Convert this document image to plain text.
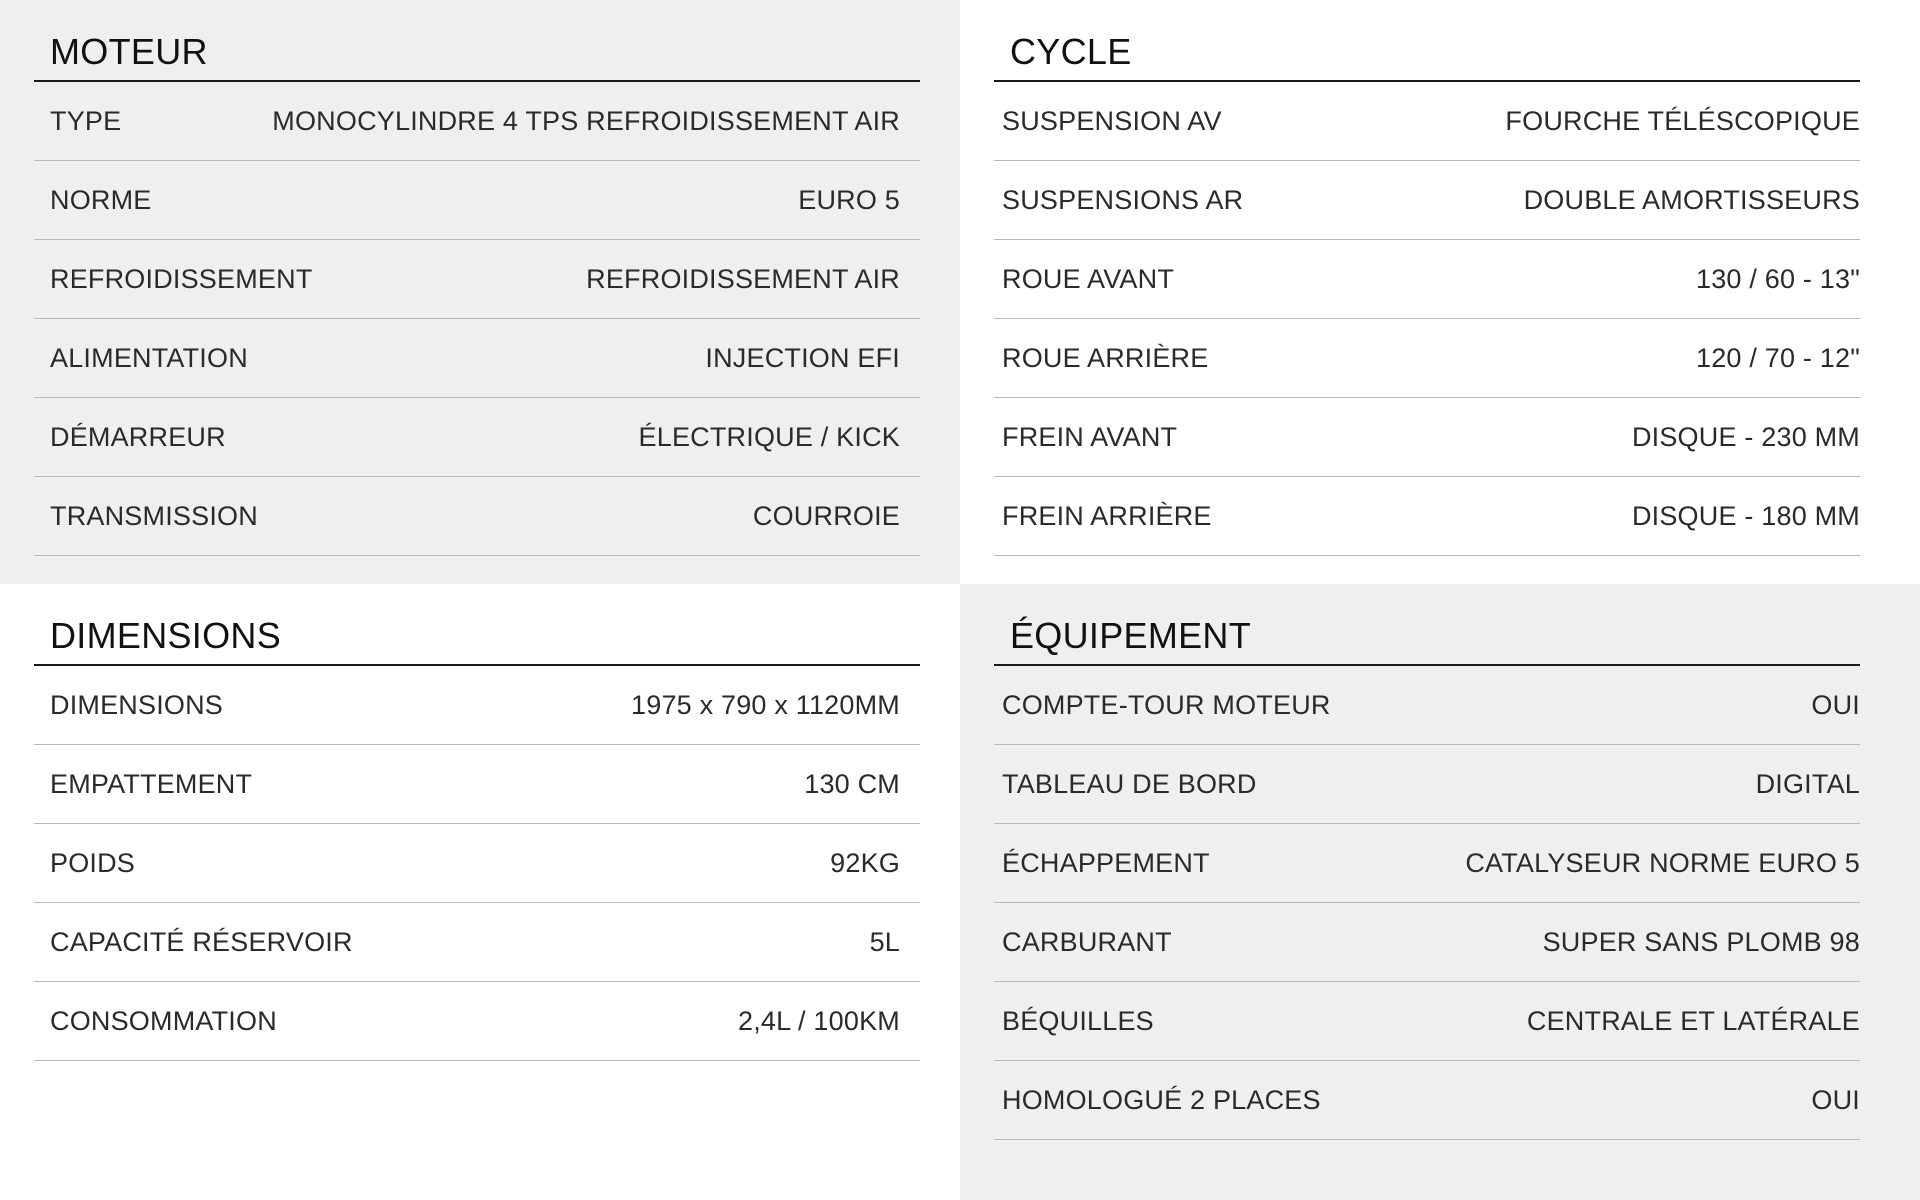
MOTEUR
TYPE	MONOCYLINDRE 4 TPS REFROIDISSEMENT AIR
NORME	EURO 5
REFROIDISSEMENT	REFROIDISSEMENT AIR
ALIMENTATION	INJECTION EFI
DÉMARREUR	ÉLECTRIQUE / KICK
TRANSMISSION	COURROIE
CYCLE
SUSPENSION AV	FOURCHE TÉLÉSCOPIQUE
SUSPENSIONS AR	DOUBLE AMORTISSEURS
ROUE AVANT	130 / 60 - 13"
ROUE ARRIÈRE	120 / 70 - 12"
FREIN AVANT	DISQUE - 230 MM
FREIN ARRIÈRE	DISQUE - 180 MM
DIMENSIONS
DIMENSIONS	1975 x 790 x 1120MM
EMPATTEMENT	130 CM
POIDS	92KG
CAPACITÉ RÉSERVOIR	5L
CONSOMMATION	2,4L / 100KM
ÉQUIPEMENT
COMPTE-TOUR MOTEUR	OUI
TABLEAU DE BORD	DIGITAL
ÉCHAPPEMENT	CATALYSEUR NORME EURO 5
CARBURANT	SUPER SANS PLOMB 98
BÉQUILLES	CENTRALE ET LATÉRALE
HOMOLOGUÉ 2 PLACES	OUI
